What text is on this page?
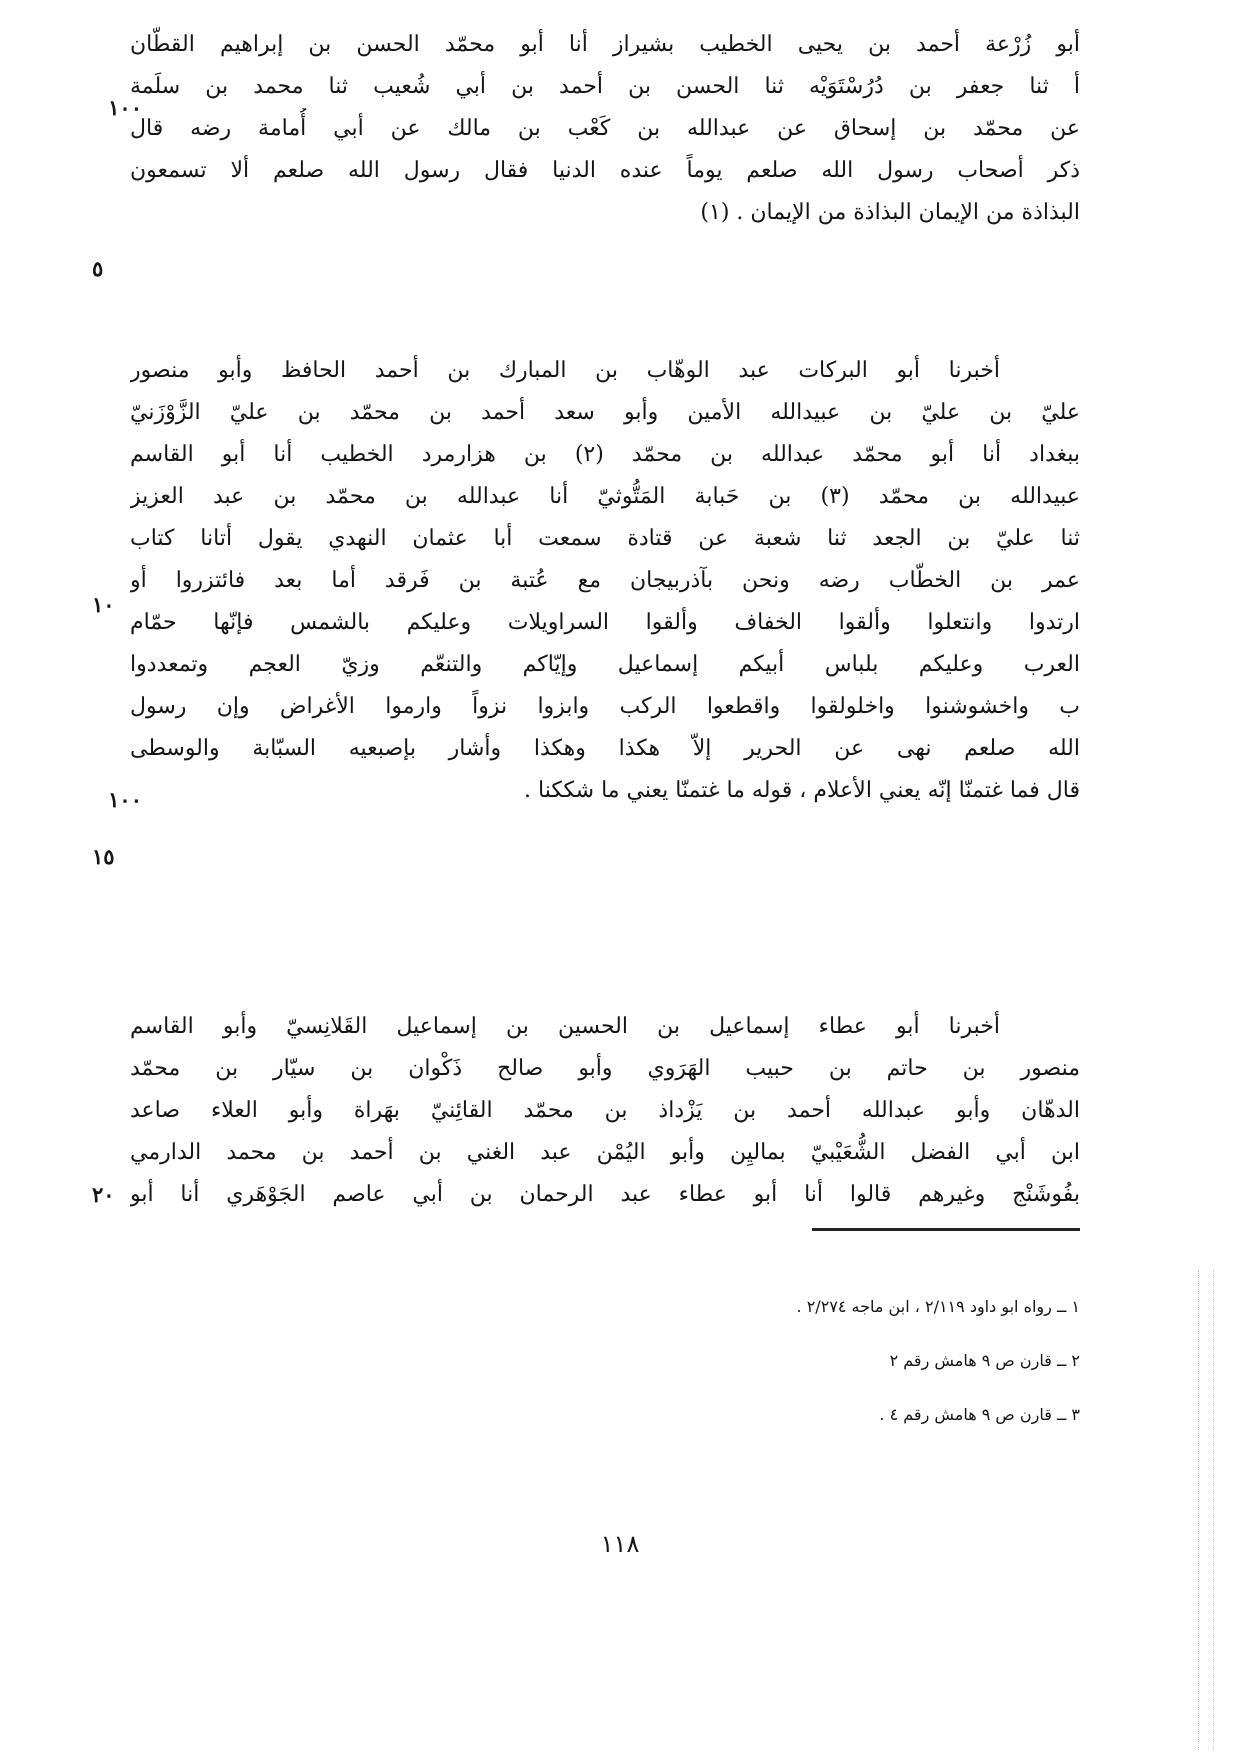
أبو زُرْعة أحمد بن يحيى الخطيب بشيراز أنا أبو محمّد الحسن بن إبراهيم القطّان
أ ثنا جعفر بن دُرُسْتَوَيْه ثنا الحسن بن أحمد بن أبي شُعيب ثنا محمد بن سلَمة
عن محمّد بن إسحاق عن عبدالله بن كَعْب بن مالك عن أبي أُمامة رضه قال
ذكر أصحاب رسول الله صلعم يوماً عنده الدنيا فقال رسول الله صلعم ألا تسمعون
البذاذة من الإيمان البذاذة من الإيمان . (١)
أخبرنا أبو البركات عبد الوهّاب بن المبارك بن أحمد الحافظ وأبو منصور
عليّ بن عليّ بن عبيدالله الأمين وأبو سعد أحمد بن محمّد بن عليّ الزَّوْزَنيّ
ببغداد أنا أبو محمّد عبدالله بن محمّد (٢) بن هزارمرد الخطيب أنا أبو القاسم
عبيدالله بن محمّد (٣) بن حَبابة المَتُّوثيّ أنا عبدالله بن محمّد بن عبد العزيز
ثنا عليّ بن الجعد ثنا شعبة عن قتادة سمعت أبا عثمان النهدي يقول أتانا كتاب
عمر بن الخطّاب رضه ونحن بآذربيجان مع عُتبة بن فَرقد أما بعد فائتزروا أو
ارتدوا وانتعلوا وألقوا الخفاف وألقوا السراويلات وعليكم بالشمس فإنّها حمّام
العرب وعليكم بلباس أبيكم إسماعيل وإيّاكم والتنعّم وزيّ العجم وتمعددوا
ب واخشوشنوا واخلولقوا واقطعوا الركب وابزوا نزواً وارموا الأغراض وإن رسول
الله صلعم نهى عن الحرير إلاّ هكذا وهكذا وأشار بإصبعيه السبّابة والوسطى
قال فما غتمنّا إنّه يعني الأعلام ، قوله ما غتمنّا يعني ما شككنا .
أخبرنا أبو عطاء إسماعيل بن الحسين بن إسماعيل القَلانِسيّ وأبو القاسم
منصور بن حاتم بن حبيب الهَرَوي وأبو صالح ذَكْوان بن سيّار بن محمّد
الدهّان وأبو عبدالله أحمد بن يَزْداذ بن محمّد القائِنيّ بهَراة وأبو العلاء صاعد
ابن أبي الفضل الشُّعَيْبيّ بماليِن وأبو اليُمْن عبد الغني بن أحمد بن محمد الدارمي
بفُوشَنْج وغيرهم قالوا أنا أبو عطاء عبد الرحمان بن أبي عاصم الجَوْهَري أنا أبو
٥
١٠
١٥
٢٠
١٠٠
١٠٠
١ ــ رواه ابو داود ٢/١١٩ ، ابن ماجه ٢/٢٧٤ .
٢ ــ قارن ص ٩ هامش رقم ٢
٣ ــ قارن ص ٩ هامش رقم ٤ .
١١٨
